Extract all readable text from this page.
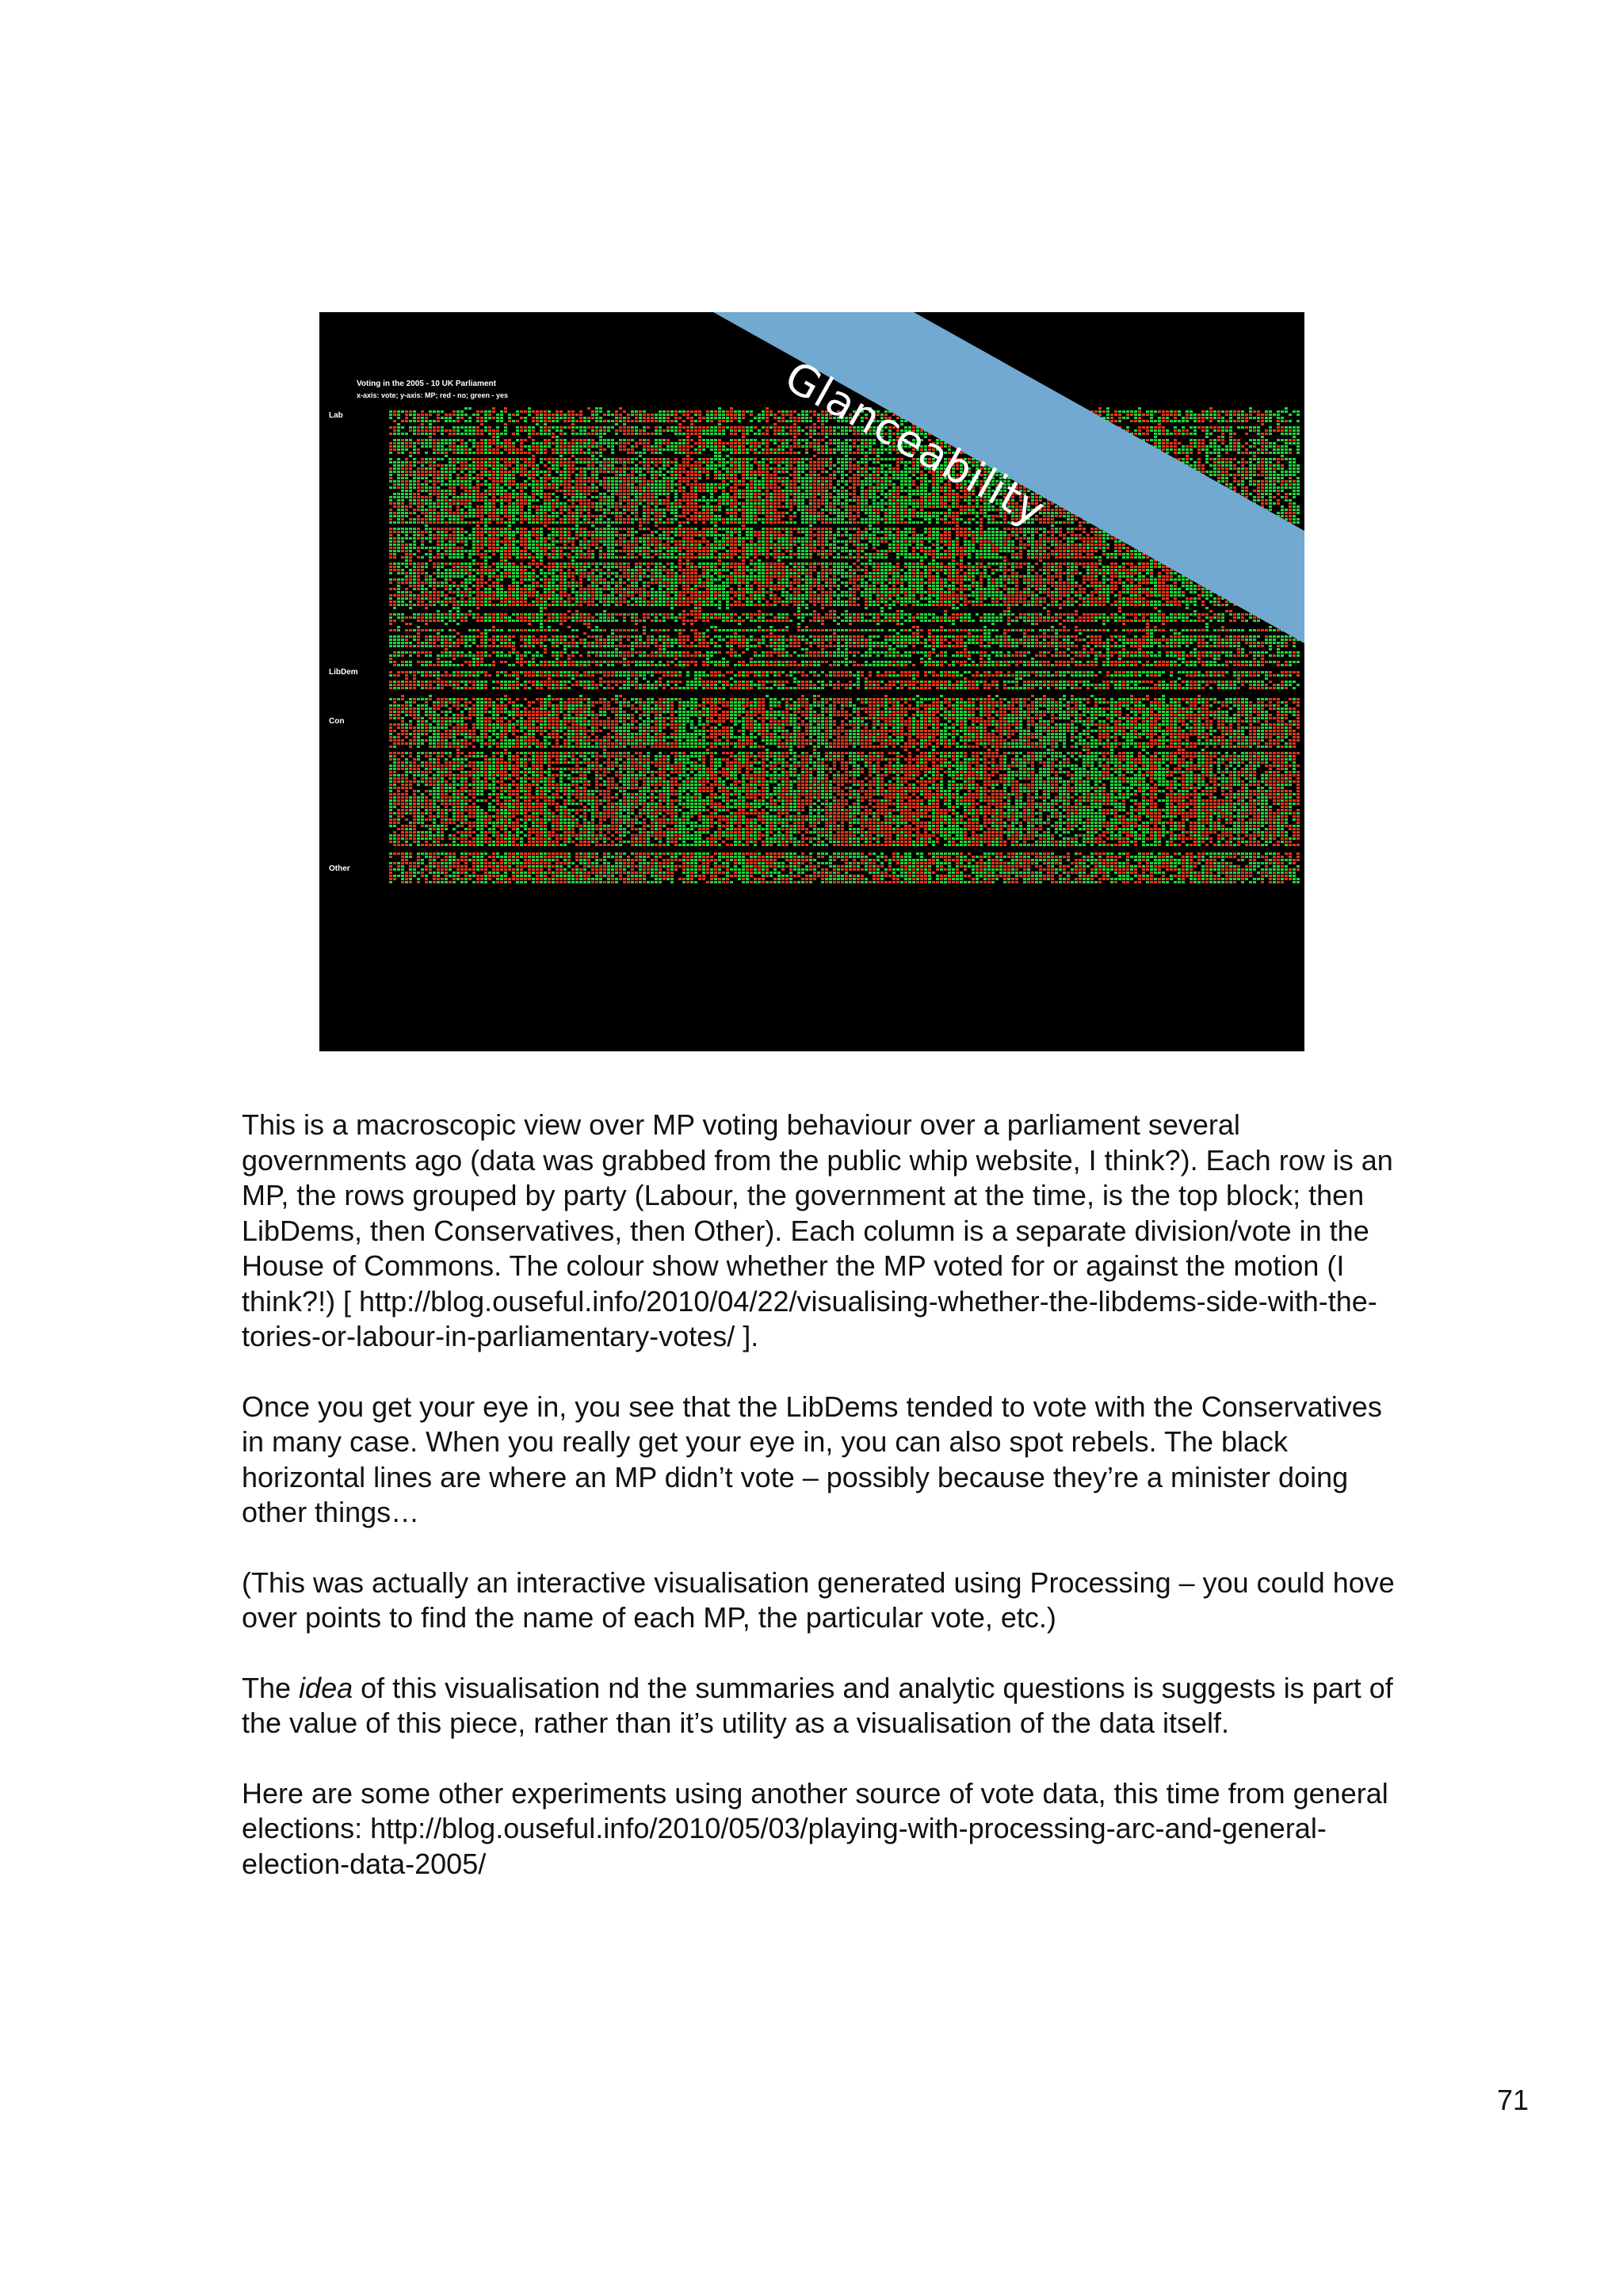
Voting in the 2005 - 10 UK Parliament
x-axis: vote; y-axis: MP; red - no; green - yes
Lab
LibDem
Con
Other
Glanceability

This is a macroscopic view over MP voting behaviour over a parliament several governments ago (data was grabbed from the public whip website, I think?). Each row is an MP, the rows grouped by party (Labour, the government at the time, is the top block; then LibDems, then Conservatives, then Other). Each column is a separate division/vote in the House of Commons. The colour show whether the MP voted for or against the motion (I think?!) [ http://blog.ouseful.info/2010/04/22/visualising-whether-the-libdems-side-with-the-tories-or-labour-in-parliamentary-votes/ ].

Once you get your eye in, you see that the LibDems tended to vote with the Conservatives in many case. When you really get your eye in, you can also spot rebels. The black horizontal lines are where an MP didn’t vote – possibly because they’re a minister doing other things…

(This was actually an interactive visualisation generated using Processing – you could hove over points to find the name of each MP, the particular vote, etc.)

The idea of this visualisation nd the summaries and analytic questions is suggests is part of the value of this piece, rather than it’s utility as a visualisation of the data itself.

Here are some other experiments using another source of vote data, this time from general elections: http://blog.ouseful.info/2010/05/03/playing-with-processing-arc-and-general-election-data-2005/

71
